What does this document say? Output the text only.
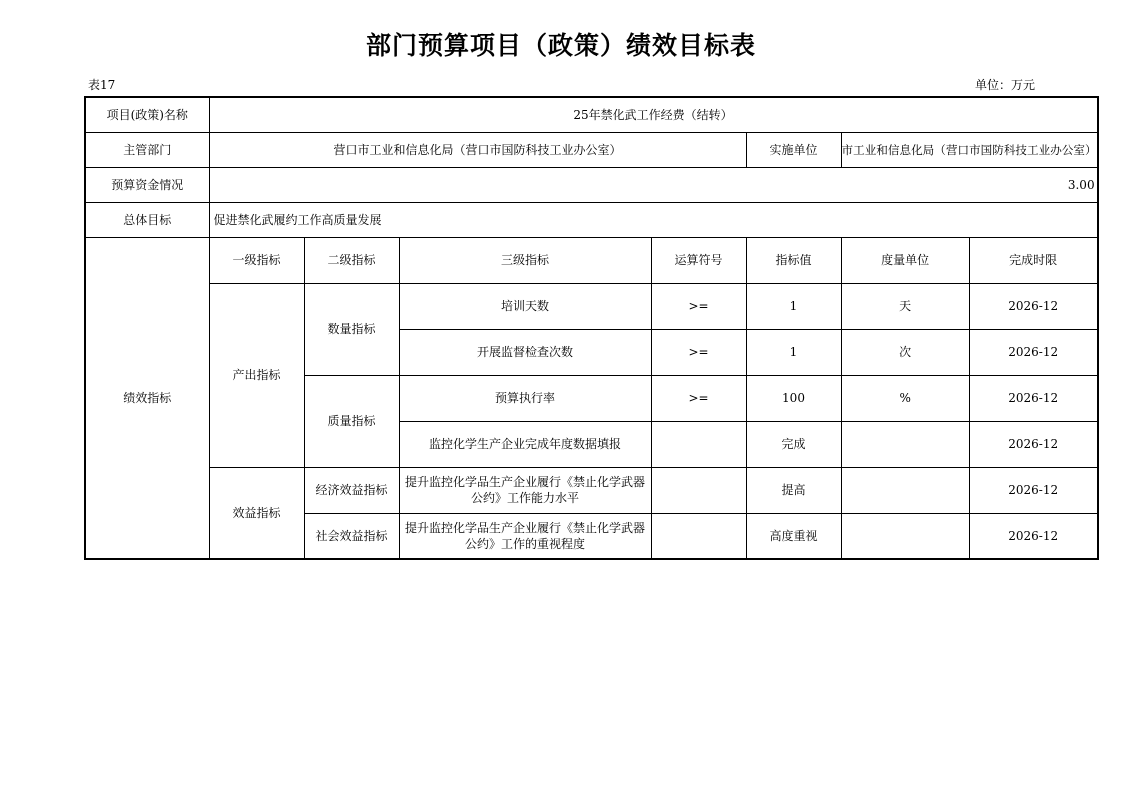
部门预算项目（政策）绩效目标表
表17	单位：万元
项目(政策)名称	25年禁化武工作经费（结转）						
主管部门	营口市工业和信息化局（营口市国防科技工业办公室）				实施单位	市工业和信息化局（营口市国防科技工业办公室）	
预算资金情况	3.00						
总体目标	促进禁化武履约工作高质量发展						
绩效指标	一级指标	二级指标	三级指标	运算符号	指标值	度量单位	完成时限
	产出指标	数量指标	培训天数	>=	1	天	2026-12
			开展监督检查次数	>=	1	次	2026-12
		质量指标	预算执行率	>=	100	%	2026-12
			监控化学生产企业完成年度数据填报		完成		2026-12
	效益指标	经济效益指标	提升监控化学品生产企业履行《禁止化学武器公约》工作能力水平		提高		2026-12
		社会效益指标	提升监控化学品生产企业履行《禁止化学武器公约》工作的重视程度		高度重视		2026-12
